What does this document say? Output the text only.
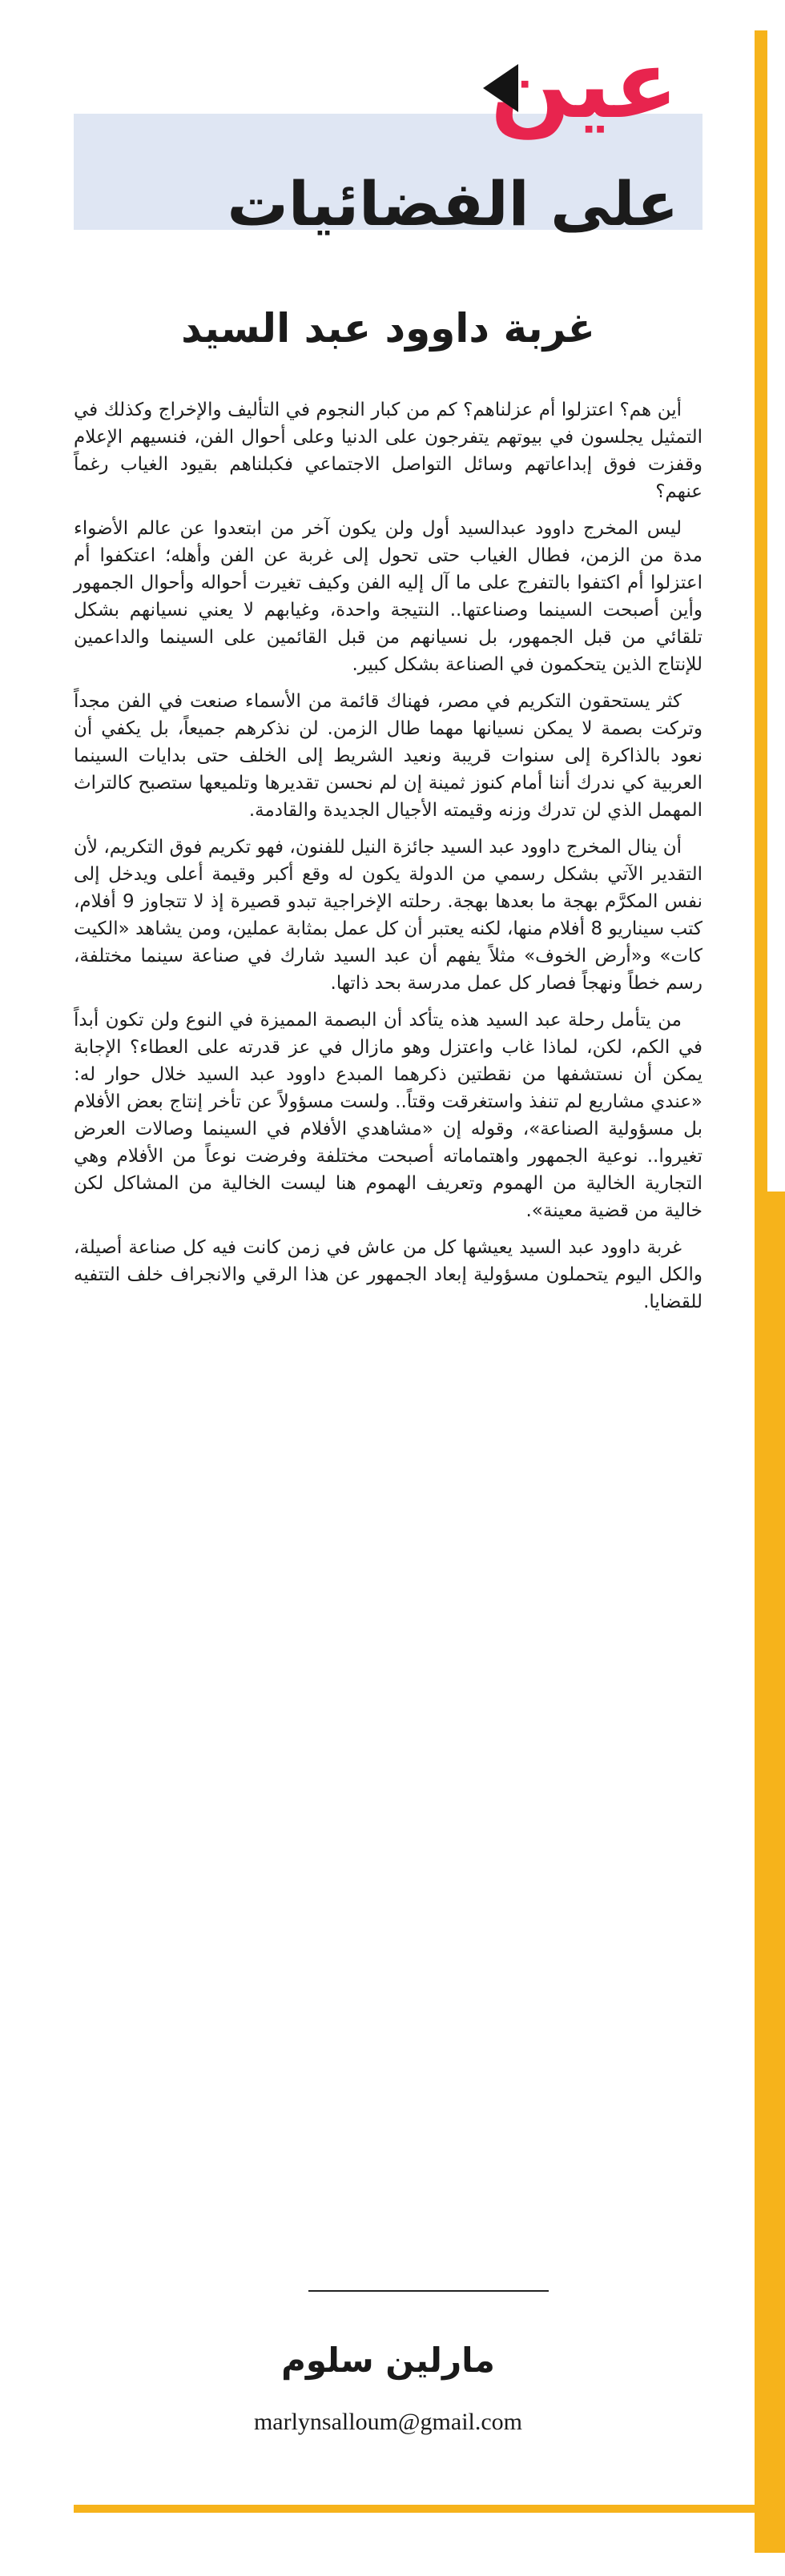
عين
على الفضائيات
غربة داوود عبد السيد

أين هم؟ اعتزلوا أم عزلناهم؟ كم من كبار النجوم في التأليف والإخراج وكذلك في التمثيل يجلسون في بيوتهم يتفرجون على الدنيا وعلى أحوال الفن، فنسيهم الإعلام وقفزت فوق إبداعاتهم وسائل التواصل الاجتماعي فكبلناهم بقيود الغياب رغماً عنهم؟

ليس المخرج داوود عبدالسيد أول ولن يكون آخر من ابتعدوا عن عالم الأضواء مدة من الزمن، فطال الغياب حتى تحول إلى غربة عن الفن وأهله؛ اعتكفوا أم اعتزلوا أم اكتفوا بالتفرج على ما آل إليه الفن وكيف تغيرت أحواله وأحوال الجمهور وأين أصبحت السينما وصناعتها.. النتيجة واحدة، وغيابهم لا يعني نسيانهم بشكل تلقائي من قبل الجمهور، بل نسيانهم من قبل القائمين على السينما والداعمين للإنتاج الذين يتحكمون في الصناعة بشكل كبير.

كثر يستحقون التكريم في مصر، فهناك قائمة من الأسماء صنعت في الفن مجداً وتركت بصمة لا يمكن نسيانها مهما طال الزمن. لن نذكرهم جميعاً، بل يكفي أن نعود بالذاكرة إلى سنوات قريبة ونعيد الشريط إلى الخلف حتى بدايات السينما العربية كي ندرك أننا أمام كنوز ثمينة إن لم نحسن تقديرها وتلميعها ستصبح كالتراث المهمل الذي لن تدرك وزنه وقيمته الأجيال الجديدة والقادمة.

أن ينال المخرج داوود عبد السيد جائزة النيل للفنون، فهو تكريم فوق التكريم، لأن التقدير الآتي بشكل رسمي من الدولة يكون له وقع أكبر وقيمة أعلى ويدخل إلى نفس المكرَّم بهجة ما بعدها بهجة. رحلته الإخراجية تبدو قصيرة إذ لا تتجاوز 9 أفلام، كتب سيناريو 8 أفلام منها، لكنه يعتبر أن كل عمل بمثابة عملين، ومن يشاهد «الكيت كات» و«أرض الخوف» مثلاً يفهم أن عبد السيد شارك في صناعة سينما مختلفة، رسم خطاً ونهجاً فصار كل عمل مدرسة بحد ذاتها.

من يتأمل رحلة عبد السيد هذه يتأكد أن البصمة المميزة في النوع ولن تكون أبداً في الكم، لكن، لماذا غاب واعتزل وهو مازال في عز قدرته على العطاء؟ الإجابة يمكن أن نستشفها من نقطتين ذكرهما المبدع داوود عبد السيد خلال حوار له: «عندي مشاريع لم تنفذ واستغرقت وقتاً.. ولست مسؤولاً عن تأخر إنتاج بعض الأفلام بل مسؤولية الصناعة»، وقوله إن «مشاهدي الأفلام في السينما وصالات العرض تغيروا.. نوعية الجمهور واهتماماته أصبحت مختلفة وفرضت نوعاً من الأفلام وهي التجارية الخالية من الهموم وتعريف الهموم هنا ليست الخالية من المشاكل لكن خالية من قضية معينة».

غربة داوود عبد السيد يعيشها كل من عاش في زمن كانت فيه كل صناعة أصيلة، والكل اليوم يتحملون مسؤولية إبعاد الجمهور عن هذا الرقي والانجراف خلف التتفيه للقضايا.

مارلين سلوم
marlynsalloum@gmail.com
